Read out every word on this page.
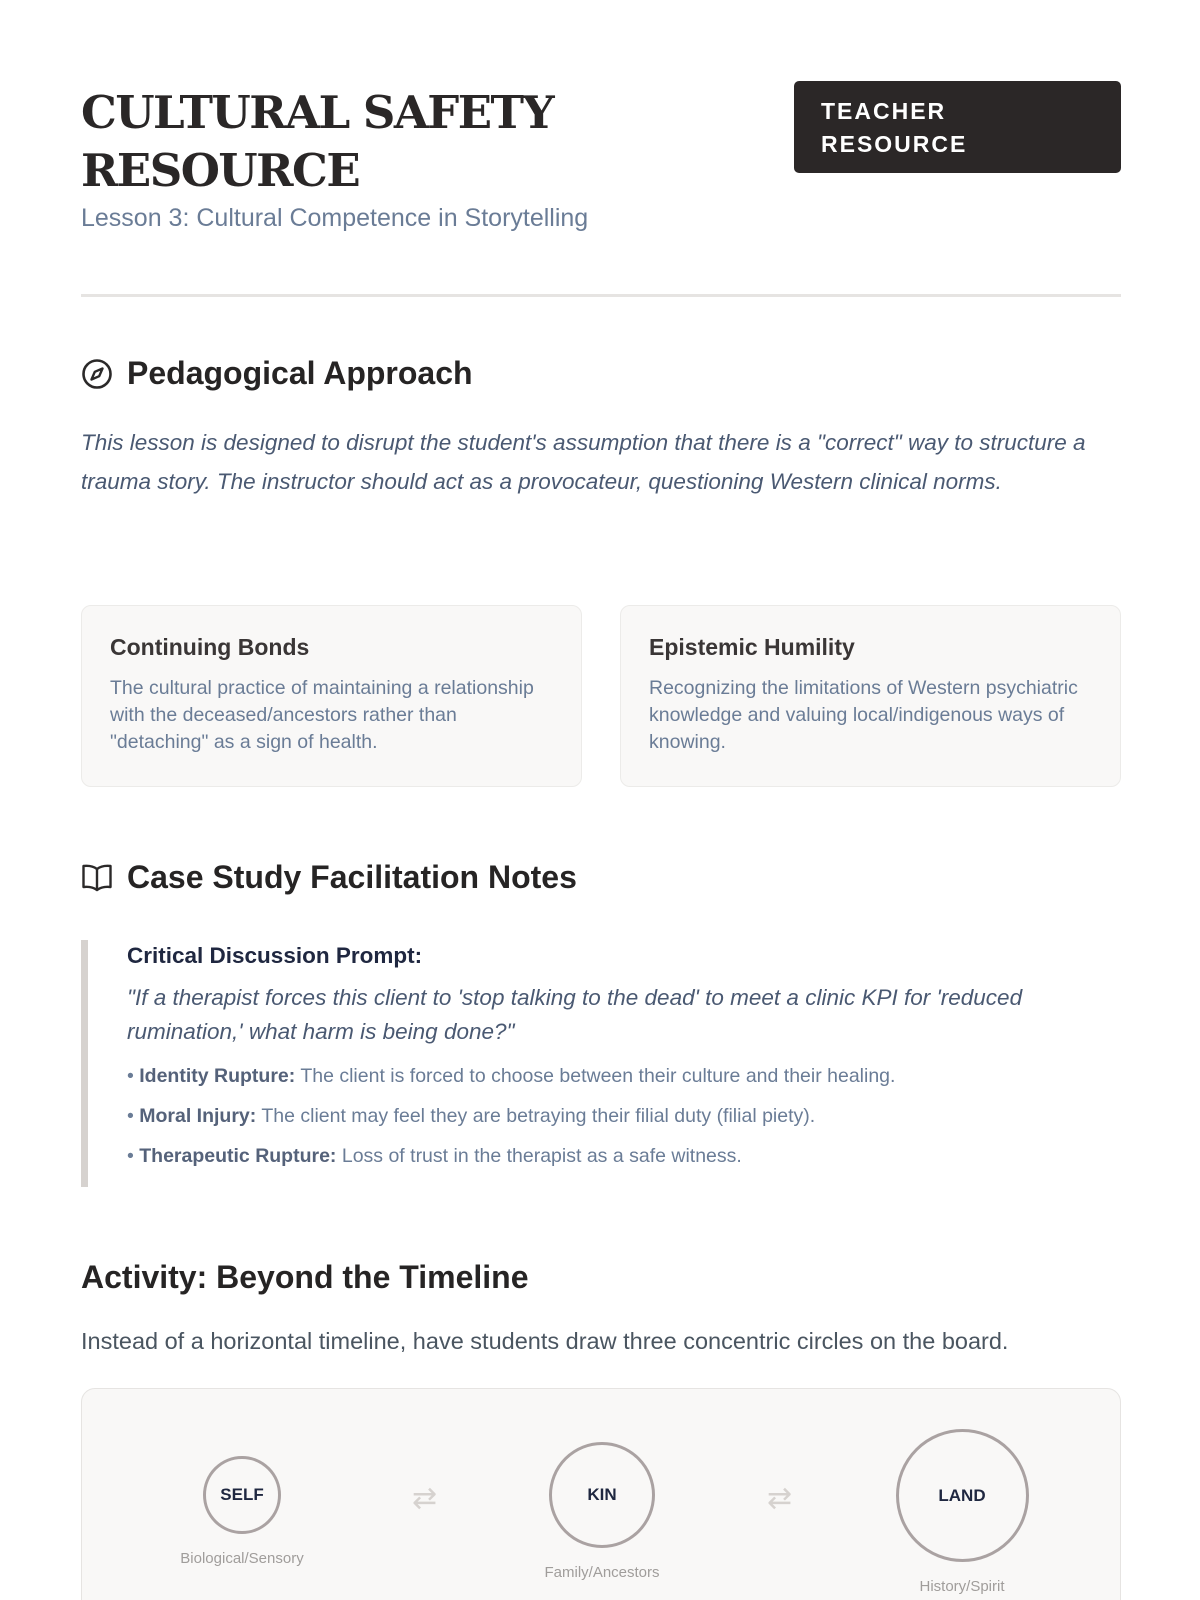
CULTURAL SAFETY RESOURCE
Lesson 3: Cultural Competence in Storytelling
TEACHER RESOURCE
Pedagogical Approach

This lesson is designed to disrupt the student's assumption that there is a "correct" way to structure a trauma story. The instructor should act as a provocateur, questioning Western clinical norms.

Continuing Bonds

The cultural practice of maintaining a relationship with the deceased/ancestors rather than "detaching" as a sign of health.

Epistemic Humility

Recognizing the limitations of Western psychiatric knowledge and valuing local/indigenous ways of knowing.

Case Study Facilitation Notes
Critical Discussion Prompt:

"If a therapist forces this client to 'stop talking to the dead' to meet a clinic KPI for 'reduced rumination,' what harm is being done?"

• Identity Rupture: The client is forced to choose between their culture and their healing.
• Moral Injury: The client may feel they are betraying their filial duty (filial piety).
• Therapeutic Rupture: Loss of trust in the therapist as a safe witness.
Activity: Beyond the Timeline

Instead of a horizontal timeline, have students draw three concentric circles on the board.

SELF
Biological/Sensory
⇄	KIN
Family/Ancestors
⇄	LAND
History/Spirit
